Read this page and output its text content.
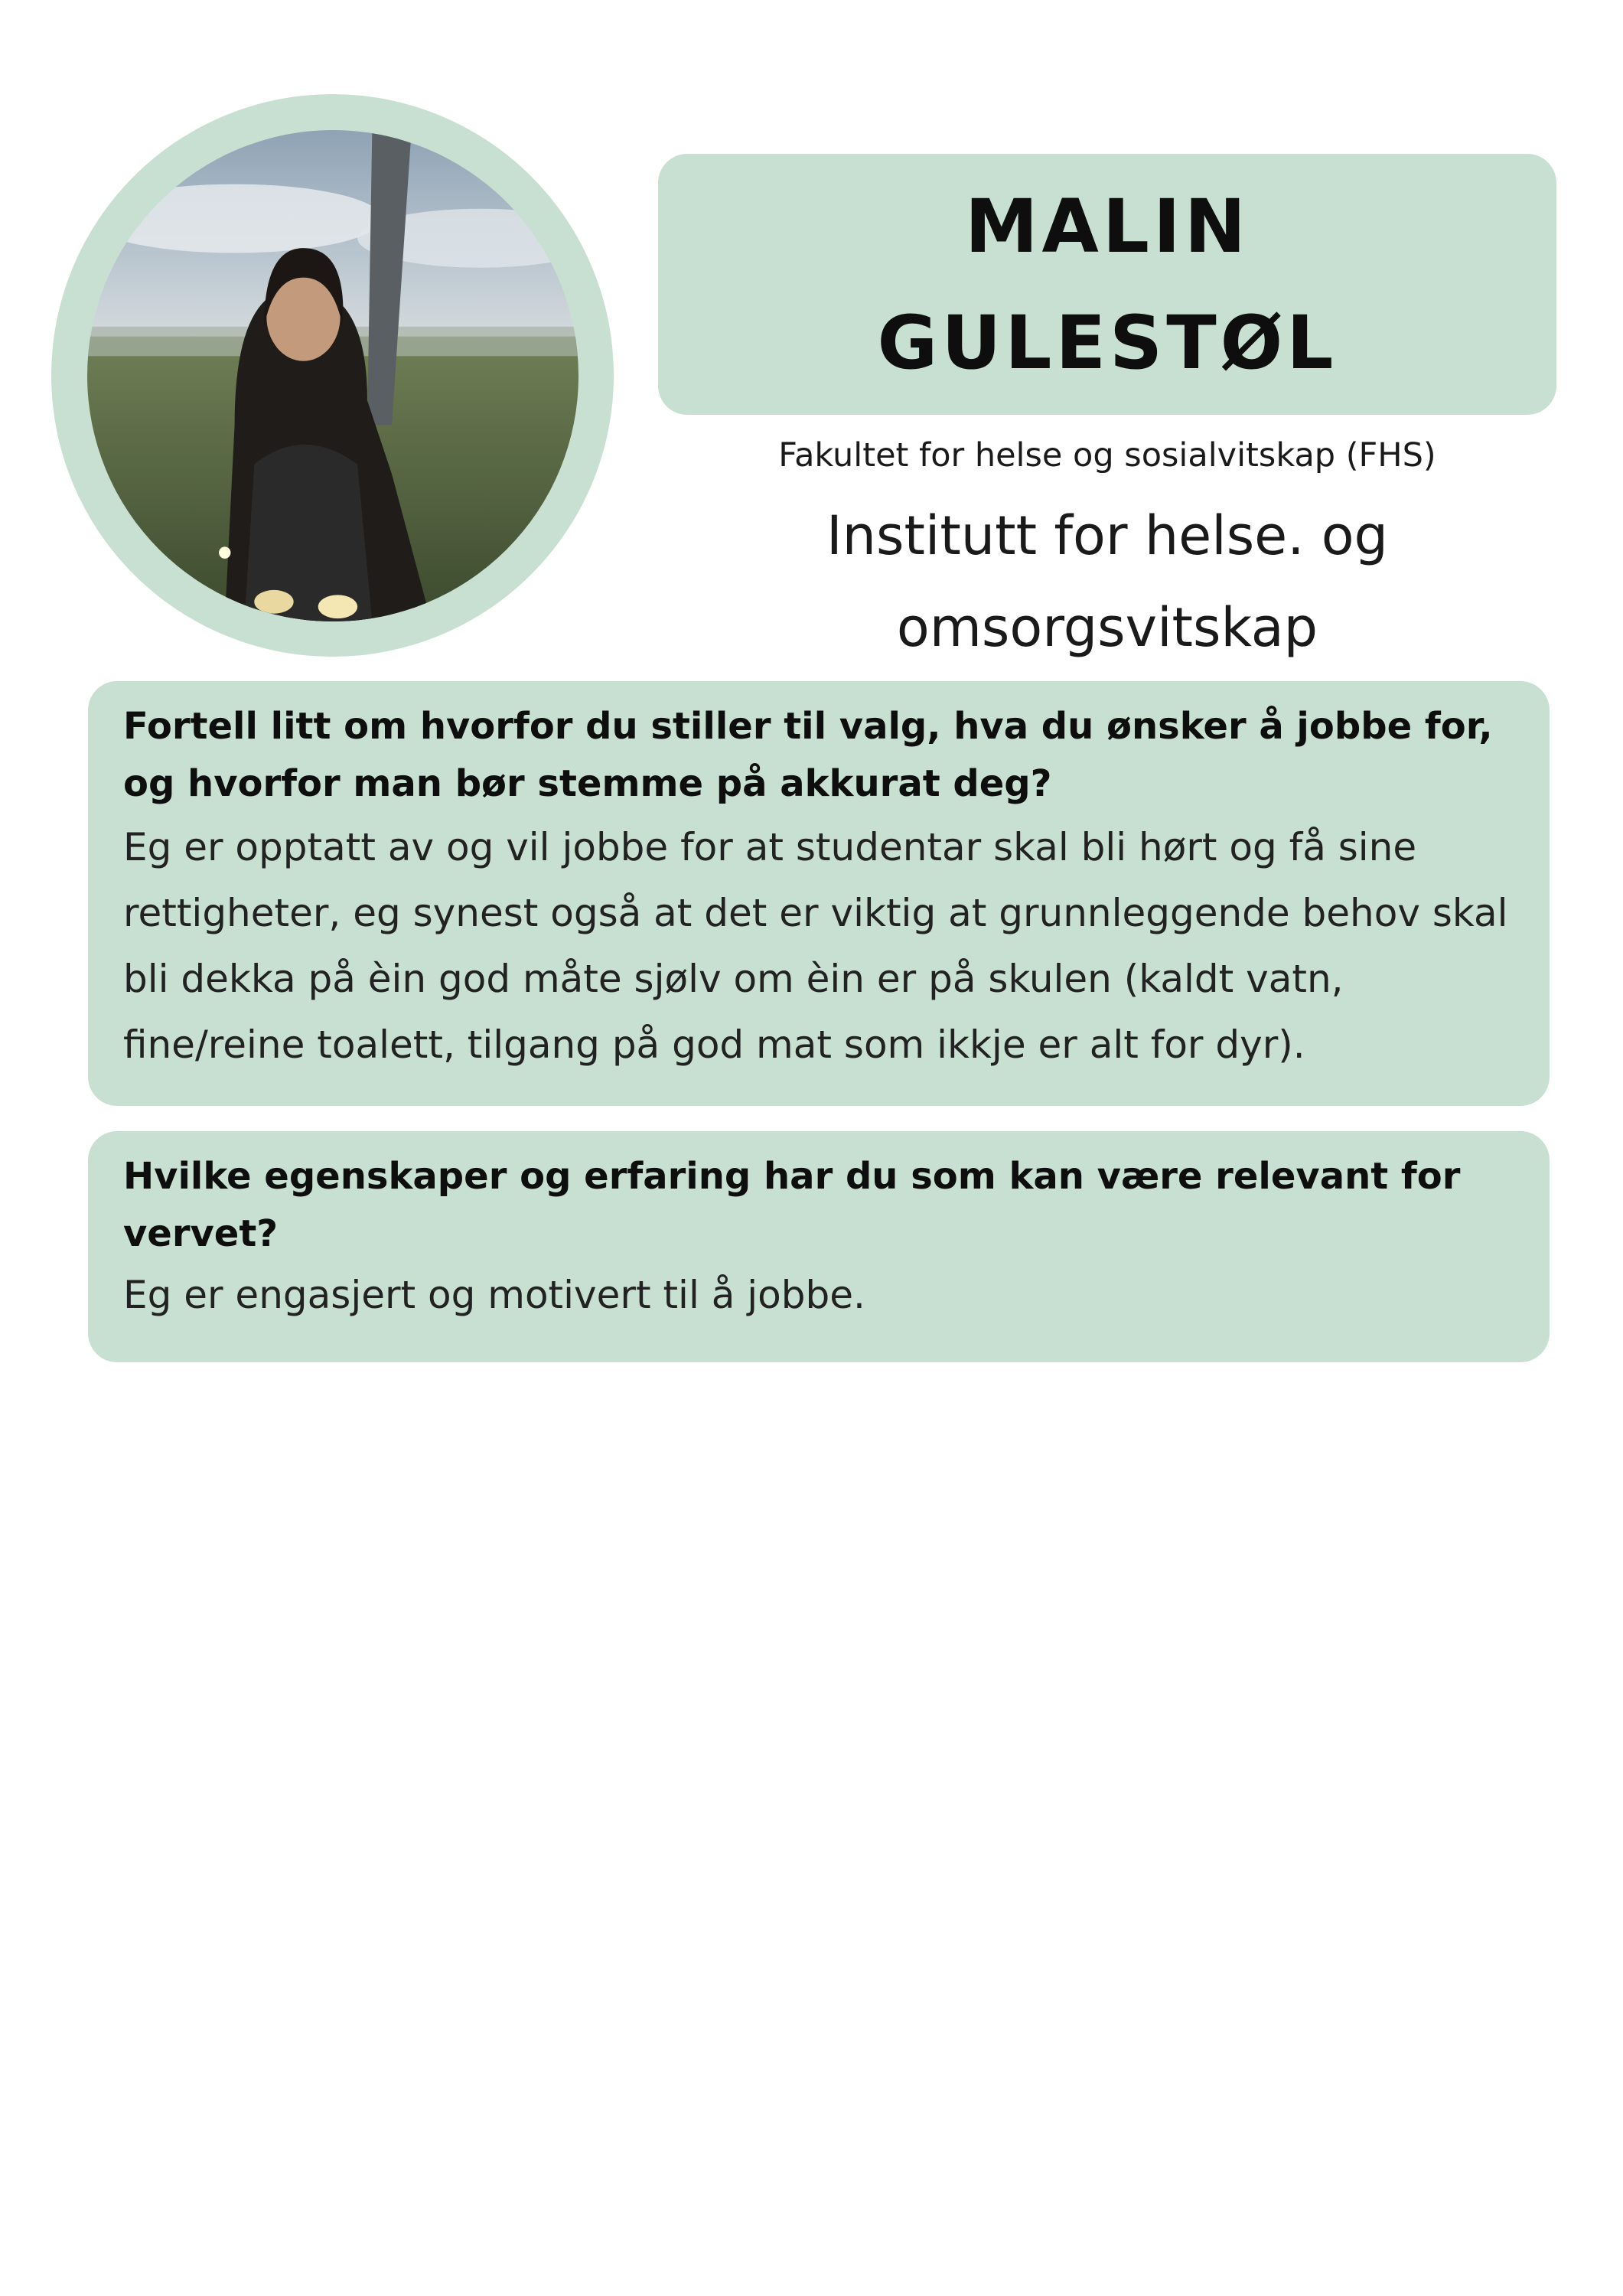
MALIN
GULESTØL
Fakultet for helse og sosialvitskap (FHS)
Institutt for helse. og
omsorgsvitskap

Fortell litt om hvorfor du stiller til valg, hva du ønsker å jobbe for, og hvorfor man bør stemme på akkurat deg?

Eg er opptatt av og vil jobbe for at studentar skal bli hørt og få sine rettigheter, eg synest også at det er viktig at grunnleggende behov skal bli dekka på èin god måte sjølv om èin er på skulen (kaldt vatn, fine/reine toalett, tilgang på god mat som ikkje er alt for dyr).

Hvilke egenskaper og erfaring har du som kan være relevant for vervet?

Eg er engasjert og motivert til å jobbe.
